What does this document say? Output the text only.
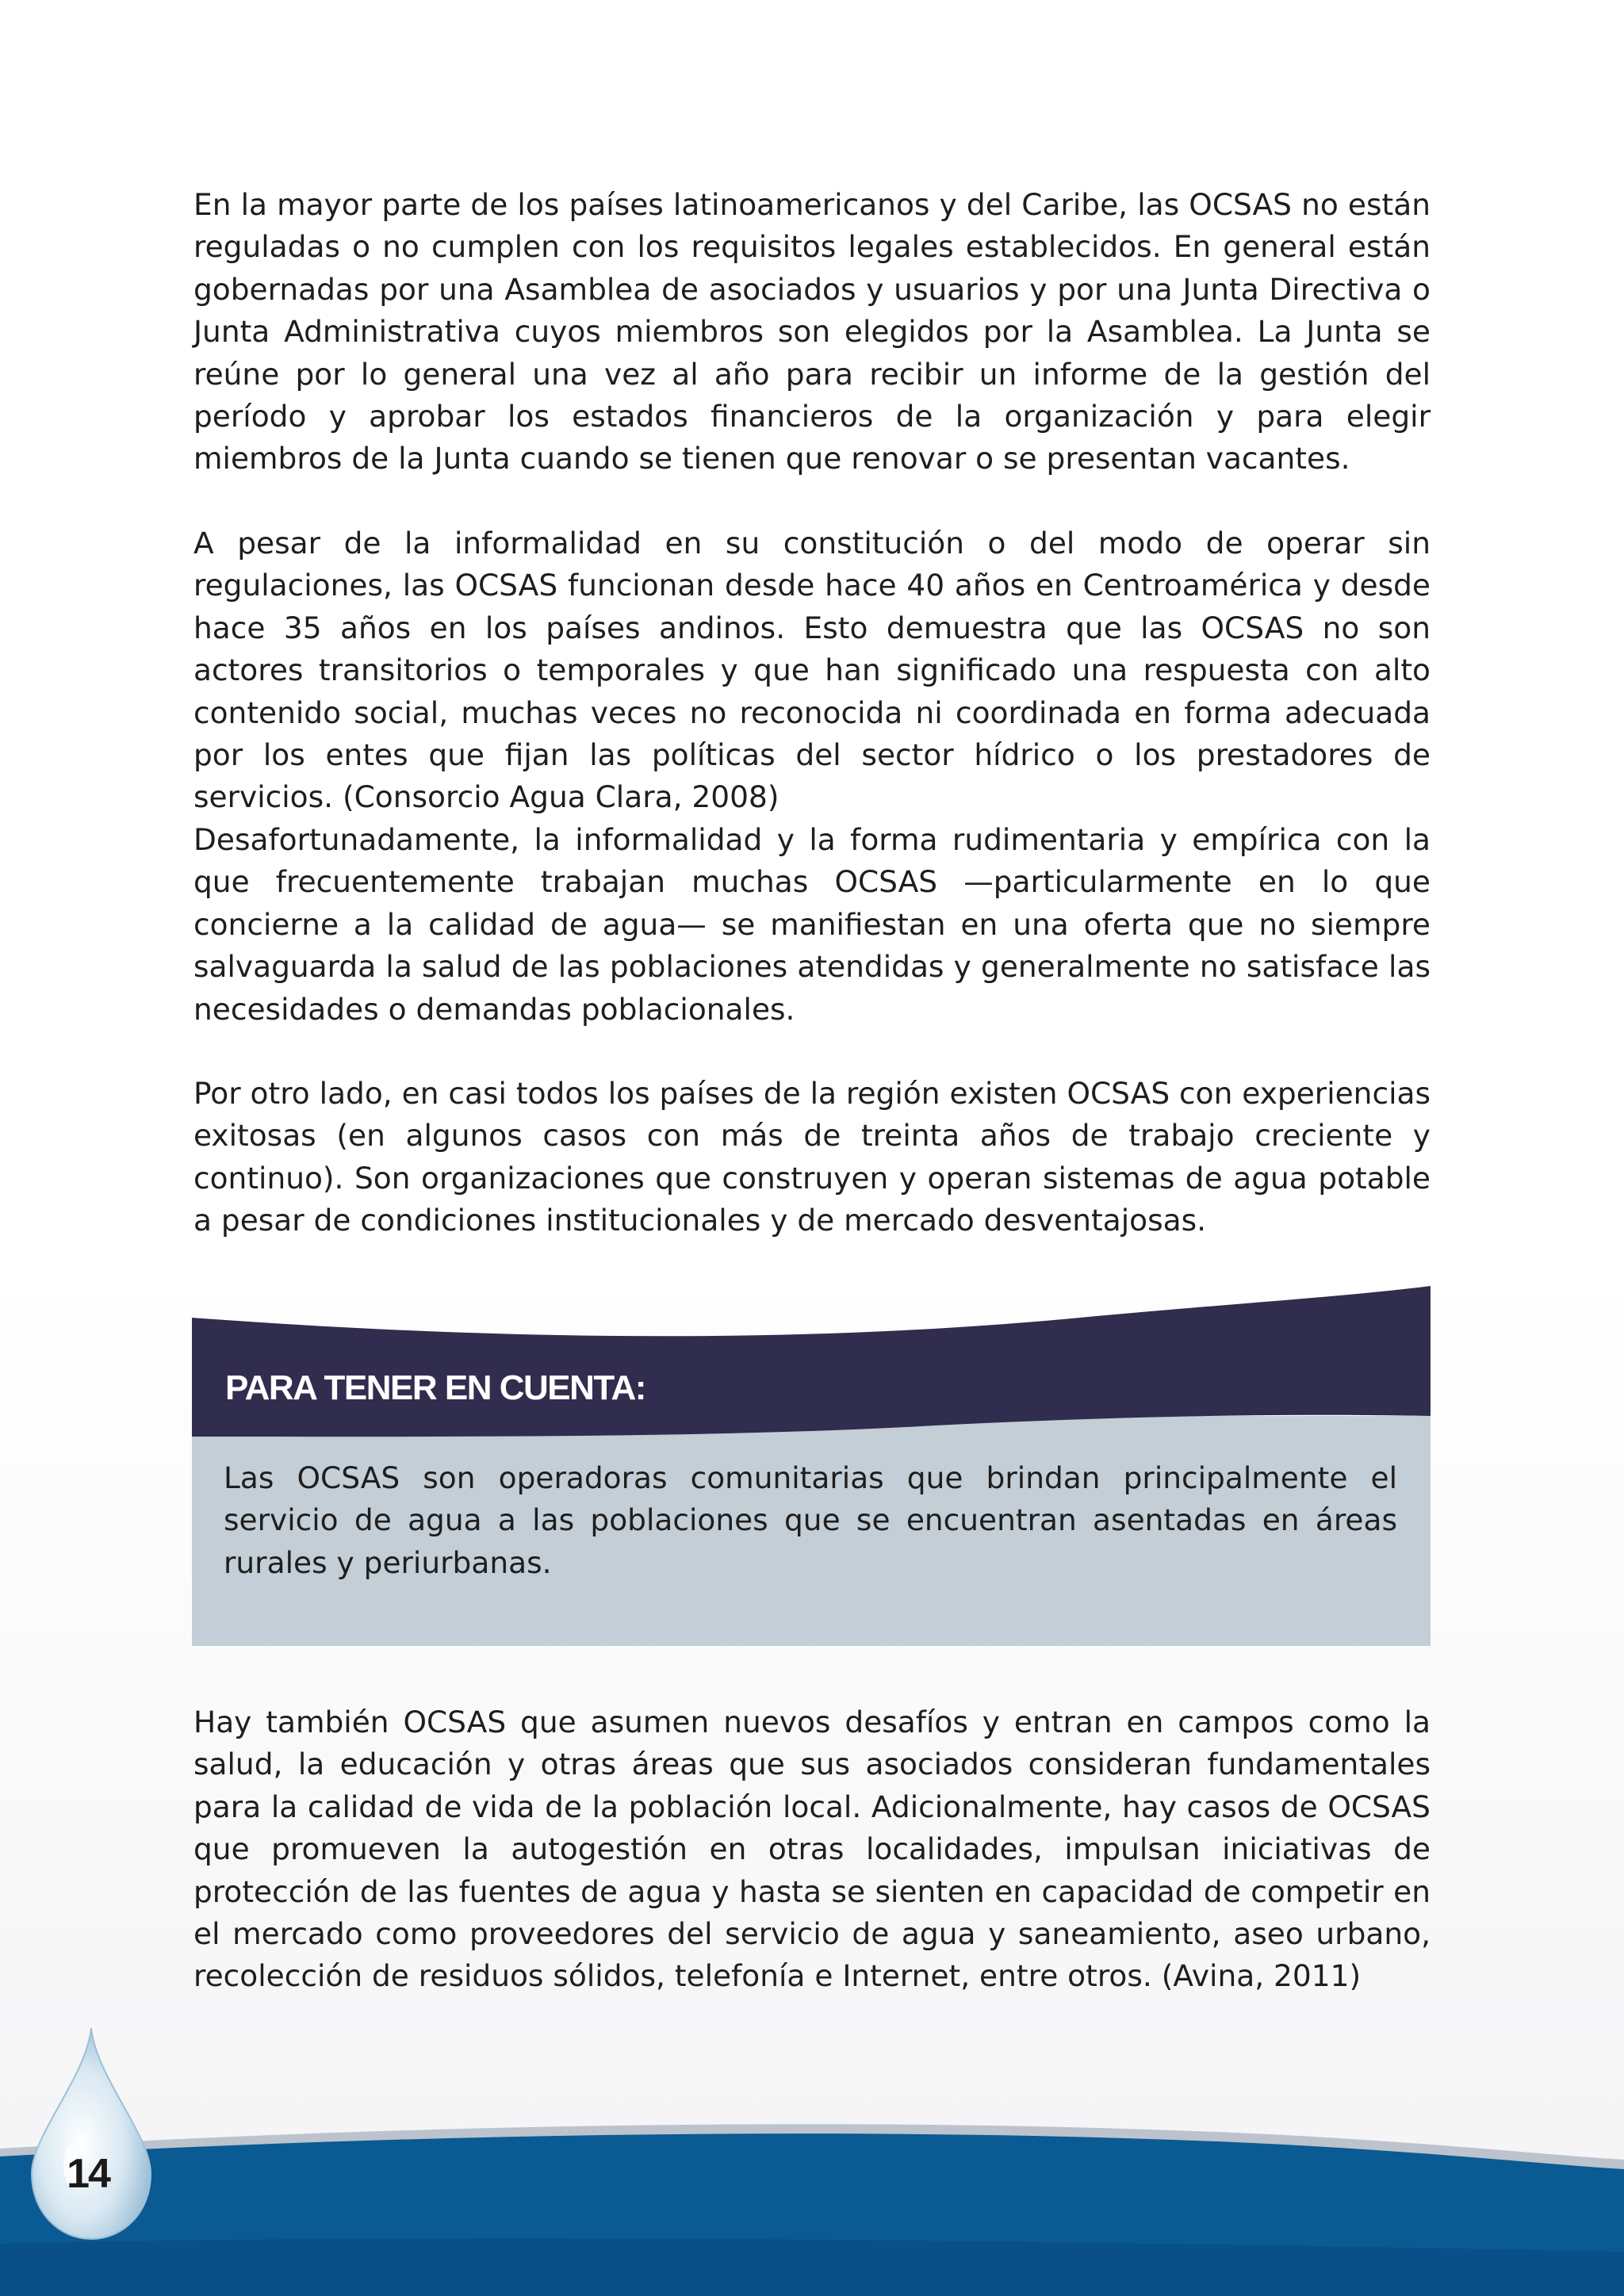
En la mayor parte de los países latinoamericanos y del Caribe, las OCSAS no están reguladas o no cumplen con los requisitos legales establecidos. En general están gobernadas por una Asamblea de asociados y usuarios y por una Junta Directiva o Junta Administrativa cuyos miembros son elegidos por la Asamblea. La Junta se reúne por lo general una vez al año para recibir un informe de la gestión del período y aprobar los estados financieros de la organización y para elegir miembros de la Junta cuando se tienen que renovar o se presentan vacantes.

A pesar de la informalidad en su constitución o del modo de operar sin regulaciones, las OCSAS funcionan desde hace 40 años en Centroamérica y desde hace 35 años en los países andinos. Esto demuestra que las OCSAS no son actores transitorios o temporales y que han significado una respuesta con alto contenido social, muchas veces no reconocida ni coordinada en forma adecuada por los entes que fijan las políticas del sector hídrico o los prestadores de servicios. (Consorcio Agua Clara, 2008)

Desafortunadamente, la informalidad y la forma rudimentaria y empírica con la que frecuentemente trabajan muchas OCSAS —particularmente en lo que concierne a la calidad de agua— se manifiestan en una oferta que no siempre salvaguarda la salud de las poblaciones atendidas y generalmente no satisface las necesidades o demandas poblacionales.

Por otro lado, en casi todos los países de la región existen OCSAS con experiencias exitosas (en algunos casos con más de treinta años de trabajo creciente y continuo). Son organizaciones que construyen y operan sistemas de agua potable a pesar de condiciones institucionales y de mercado desventajosas.

PARA TENER EN CUENTA:

Las OCSAS son operadoras comunitarias que brindan principalmente el servicio de agua a las poblaciones que se encuentran asentadas en áreas rurales y periurbanas.

Hay también OCSAS que asumen nuevos desafíos y entran en campos como la salud, la educación y otras áreas que sus asociados consideran fundamentales para la calidad de vida de la población local. Adicionalmente, hay casos de OCSAS que promueven la autogestión en otras localidades, impulsan iniciativas de protección de las fuentes de agua y hasta se sienten en capacidad de competir en el mercado como proveedores del servicio de agua y saneamiento, aseo urbano, recolección de residuos sólidos, telefonía e Internet, entre otros. (Avina, 2011)

14
